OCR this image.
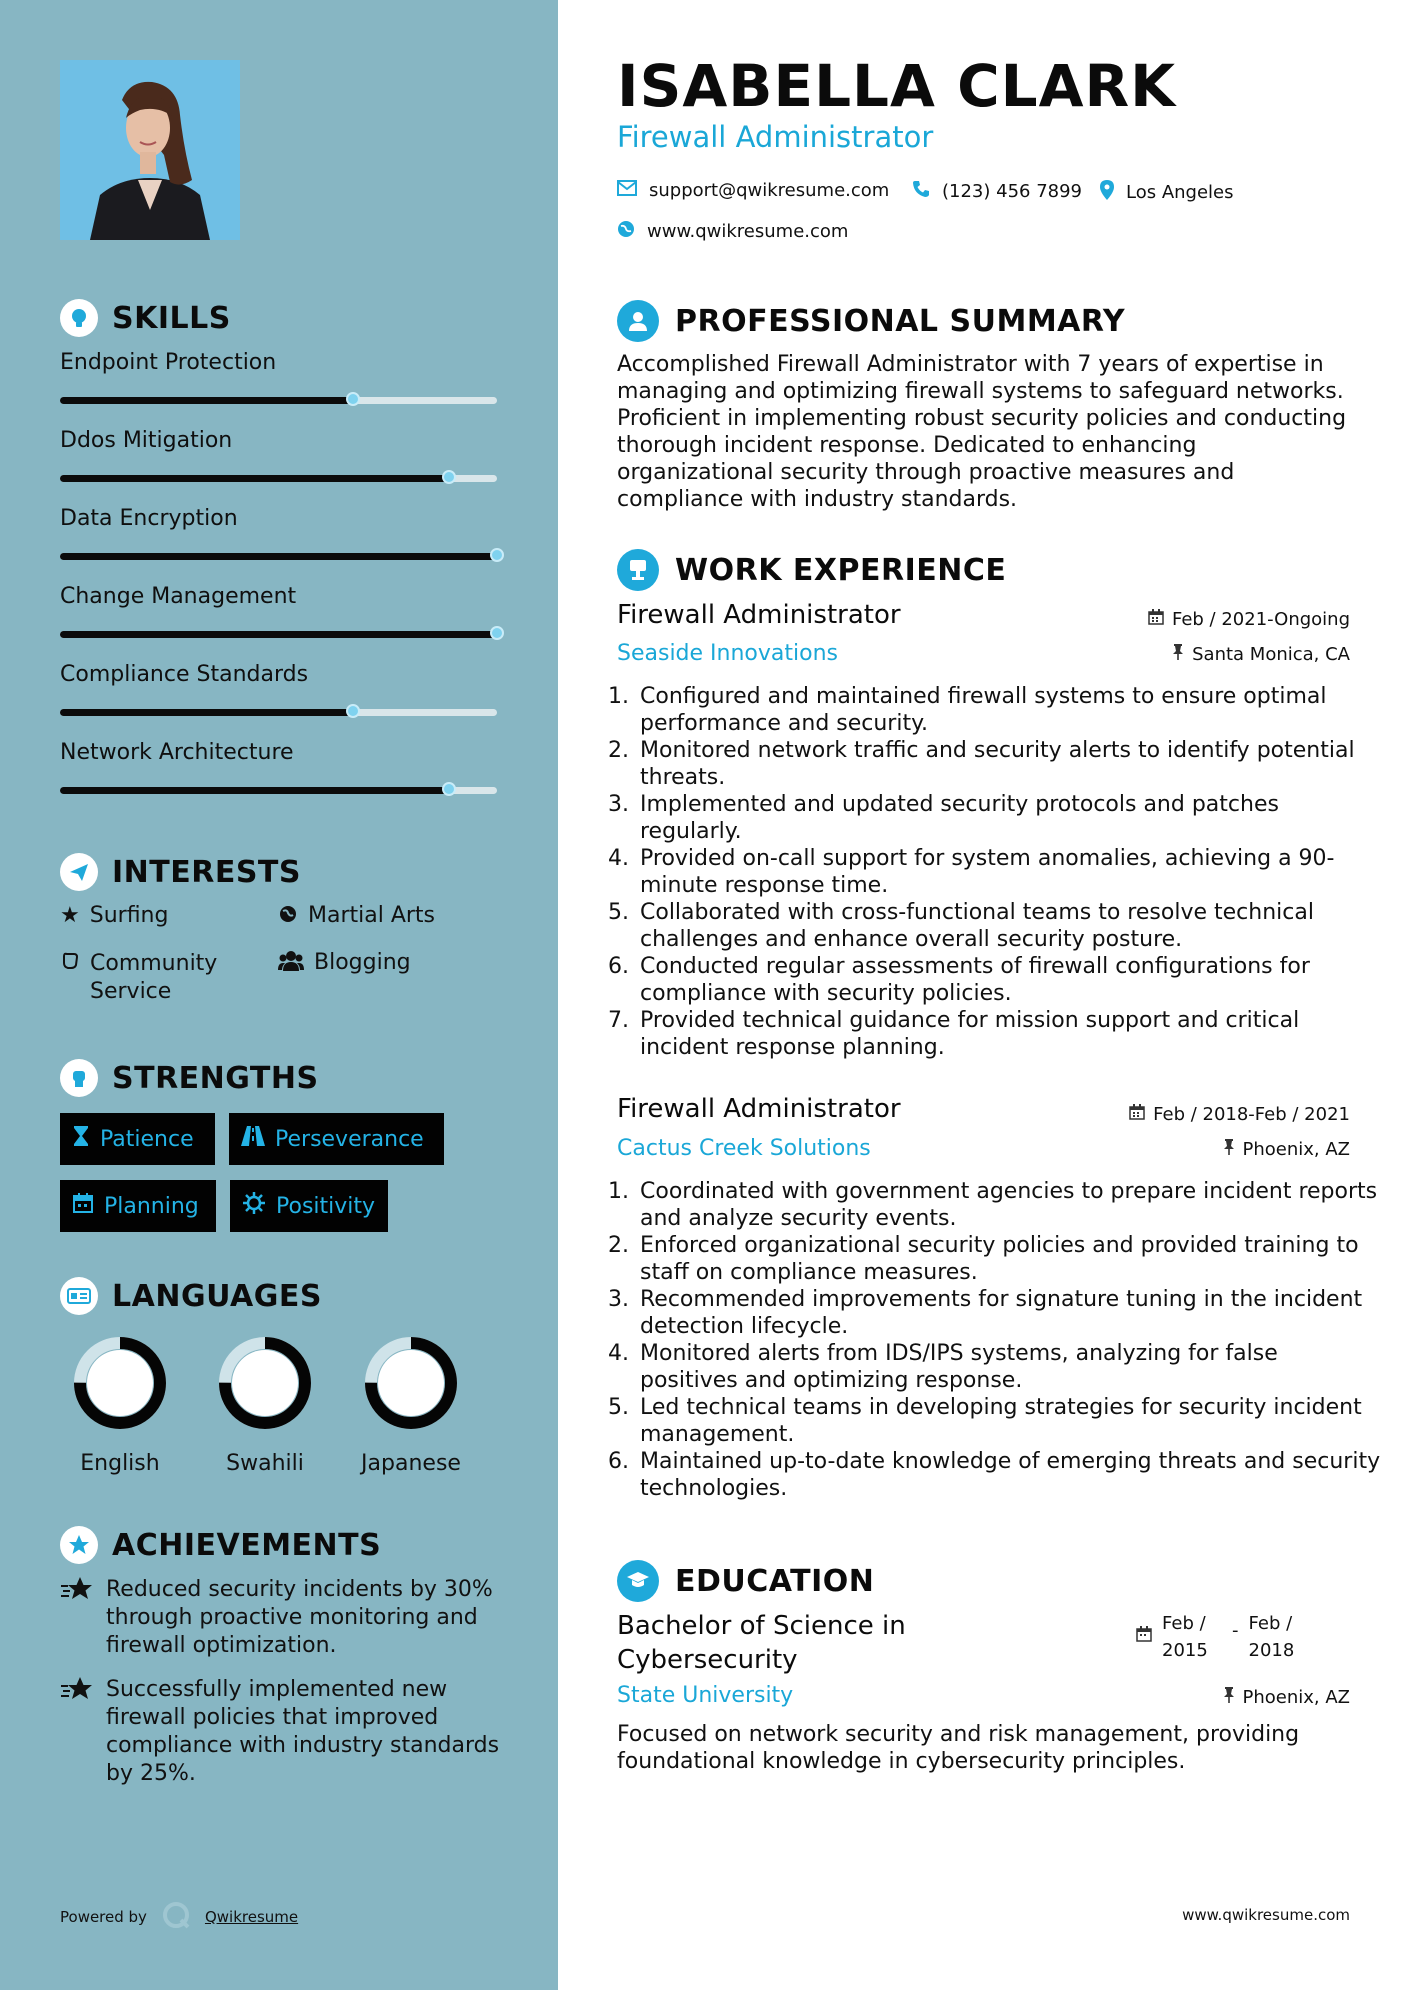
SKILLS
INTERESTS
★ Surfing	Martial Arts
Community Service
Blogging
STRENGTHS
Patience	Perseverance
Planning	Positivity
LANGUAGES
ACHIEVEMENTS
Reduced security incidents by 30% through proactive monitoring and firewall optimization.
Successfully implemented new firewall policies that improved compliance with industry standards by 25%.
Powered by	Qwikresume
Endpoint Protection
Ddos Mitigation
Data Encryption
Change Management
Compliance Standards
Network Architecture
English	Swahili	Japanese
ISABELLA CLARK
Firewall Administrator
support@qwikresume.com	(123) 456 7899 Los Angeles
www.qwikresume.com
PROFESSIONAL SUMMARY
Accomplished Firewall Administrator with 7 years of expertise in managing and optimizing firewall systems to safeguard networks. Proficient in implementing robust security policies and conducting thorough incident response. Dedicated to enhancing organizational security through proactive measures and compliance with industry standards.
WORK EXPERIENCE
Firewall Administrator	Feb / 2021-Ongoing
Seaside Innovations	Santa Monica, CA
1. Configured and maintained firewall systems to ensure optimal performance and security.
2. Monitored network traffic and security alerts to identify potential threats.
3. Implemented and updated security protocols and patches regularly.
4. Provided on-call support for system anomalies, achieving a 90-minute response time.
5. Collaborated with cross-functional teams to resolve technical challenges and enhance overall security posture.
6. Conducted regular assessments of firewall configurations for compliance with security policies.
7. Provided technical guidance for mission support and critical incident response planning.
Firewall Administrator	Feb / 2018-Feb / 2021
Cactus Creek Solutions	Phoenix, AZ
1. Coordinated with government agencies to prepare incident reports and analyze security events.
2. Enforced organizational security policies and provided training to staff on compliance measures.
3. Recommended improvements for signature tuning in the incident detection lifecycle.
4. Monitored alerts from IDS/IPS systems, analyzing for false positives and optimizing response.
5. Led technical teams in developing strategies for security incident management.
6. Maintained up-to-date knowledge of emerging threats and security technologies.
EDUCATION
Bachelor of Science in Cybersecurity
Feb / 2015
- Feb / 2018
State University	Phoenix, AZ
Focused on network security and risk management, providing foundational knowledge in cybersecurity principles.
www.qwikresume.com
